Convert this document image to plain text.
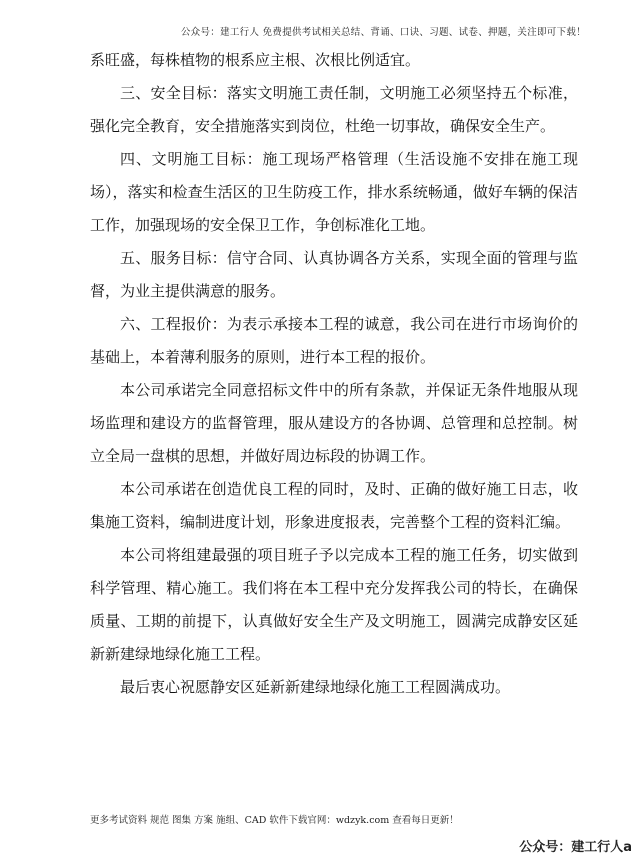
公众号：建工行人 免费提供考试相关总结、背诵、口诀、习题、试卷、押题，关注即可下载！

系旺盛，每株植物的根系应主根、次根比例适宜。

三、安全目标：落实文明施工责任制，文明施工必须坚持五个标准，强化完全教育，安全措施落实到岗位，杜绝一切事故，确保安全生产。

四、文明施工目标：施工现场严格管理（生活设施不安排在施工现场），落实和检查生活区的卫生防疫工作，排水系统畅通，做好车辆的保洁工作，加强现场的安全保卫工作，争创标准化工地。

五、服务目标：信守合同、认真协调各方关系，实现全面的管理与监督，为业主提供满意的服务。

六、工程报价：为表示承接本工程的诚意，我公司在进行市场询价的基础上，本着薄利服务的原则，进行本工程的报价。

本公司承诺完全同意招标文件中的所有条款，并保证无条件地服从现场监理和建设方的监督管理，服从建设方的各协调、总管理和总控制。树立全局一盘棋的思想，并做好周边标段的协调工作。

本公司承诺在创造优良工程的同时，及时、正确的做好施工日志，收集施工资料，编制进度计划，形象进度报表，完善整个工程的资料汇编。

本公司将组建最强的项目班子予以完成本工程的施工任务，切实做到科学管理、精心施工。我们将在本工程中充分发挥我公司的特长，在确保质量、工期的前提下，认真做好安全生产及文明施工，圆满完成静安区延新新建绿地绿化施工工程。

最后衷心祝愿静安区延新新建绿地绿化施工工程圆满成功。

更多考试资料 规范 图集 方案 施组、CAD 软件下载官网：wdzyk.com 查看每日更新！
公众号：建工行人a
